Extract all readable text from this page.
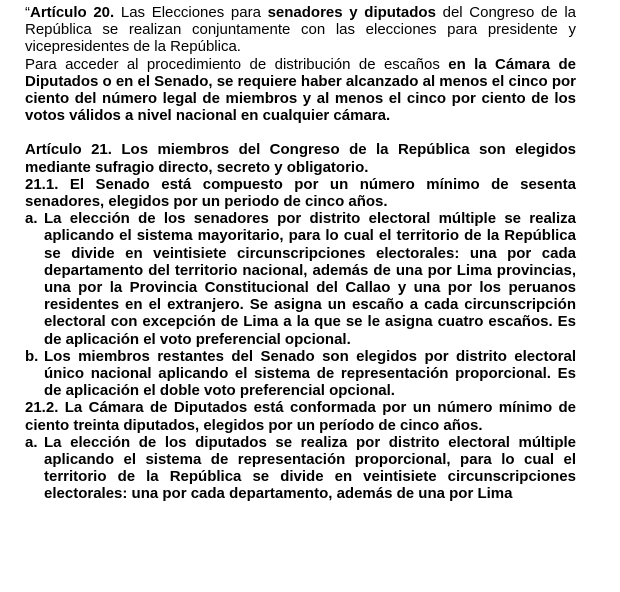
“Artículo 20. Las Elecciones para senadores y diputados del Congreso de la República se realizan conjuntamente con las elecciones para presidente y vicepresidentes de la República.

Para acceder al procedimiento de distribución de escaños en la Cámara de Diputados o en el Senado, se requiere haber alcanzado al menos el cinco por ciento del número legal de miembros y al menos el cinco por ciento de los votos válidos a nivel nacional en cualquier cámara.

Artículo 21. Los miembros del Congreso de la República son elegidos mediante sufragio directo, secreto y obligatorio.

21.1. El Senado está compuesto por un número mínimo de sesenta senadores, elegidos por un periodo de cinco años.

a. La elección de los senadores por distrito electoral múltiple se realiza aplicando el sistema mayoritario, para lo cual el territorio de la República se divide en veintisiete circunscripciones electorales: una por cada departamento del territorio nacional, además de una por Lima provincias, una por la Provincia Constitucional del Callao y una por los peruanos residentes en el extranjero. Se asigna un escaño a cada circunscripción electoral con excepción de Lima a la que se le asigna cuatro escaños. Es de aplicación el voto preferencial opcional.
b. Los miembros restantes del Senado son elegidos por distrito electoral único nacional aplicando el sistema de representación proporcional. Es de aplicación el doble voto preferencial opcional.

21.2. La Cámara de Diputados está conformada por un número mínimo de ciento treinta diputados, elegidos por un período de cinco años.

a. La elección de los diputados se realiza por distrito electoral múltiple aplicando el sistema de representación proporcional, para lo cual el territorio de la República se divide en veintisiete circunscripciones electorales: una por cada departamento, además de una por Lima
